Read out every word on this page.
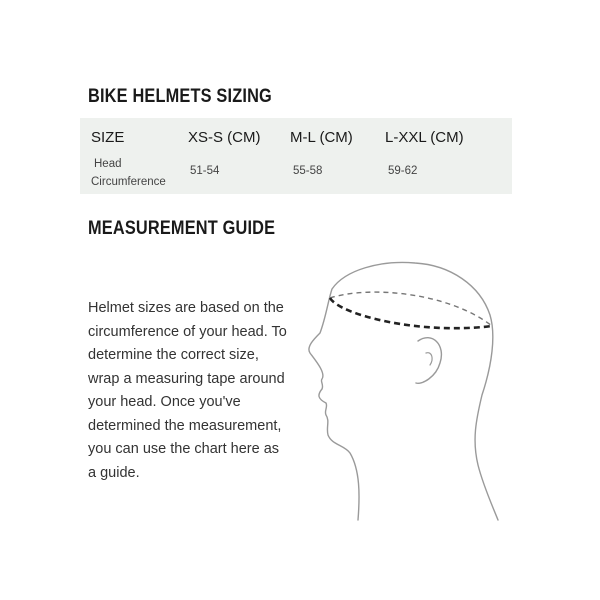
BIKE HELMETS SIZING
SIZE	XS-S (CM) M-L (CM) L-XXL (CM)
Head
Circumference
51-54	55-58	59-62
MEASUREMENT GUIDE
Helmet sizes are based on the circumference of your head. To determine the correct size, wrap a measuring tape around your head. Once you've determined the measurement, you can use the chart here as a guide.
